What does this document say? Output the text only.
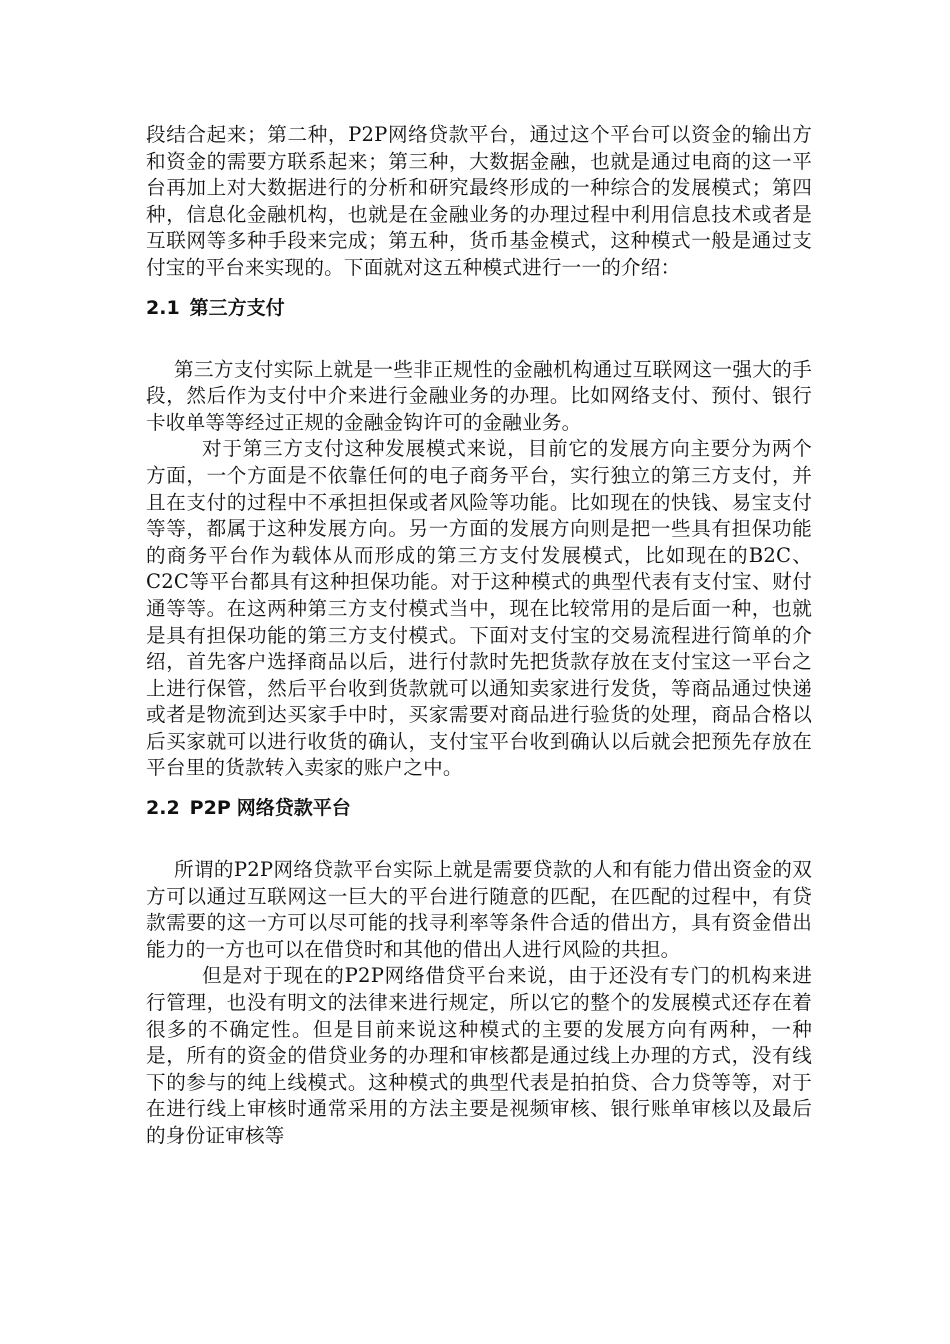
段结合起来；第二种，P2P网络贷款平台，通过这个平台可以资金的输出方和资金的需要方联系起来；第三种，大数据金融，也就是通过电商的这一平台再加上对大数据进行的分析和研究最终形成的一种综合的发展模式；第四种，信息化金融机构，也就是在金融业务的办理过程中利用信息技术或者是互联网等多种手段来完成；第五种，货币基金模式，这种模式一般是通过支付宝的平台来实现的。下面就对这五种模式进行一一的介绍：

2.1 第三方支付

第三方支付实际上就是一些非正规性的金融机构通过互联网这一强大的手段，然后作为支付中介来进行金融业务的办理。比如网络支付、预付、银行卡收单等等经过正规的金融金钩许可的金融业务。

对于第三方支付这种发展模式来说，目前它的发展方向主要分为两个方面，一个方面是不依靠任何的电子商务平台，实行独立的第三方支付，并且在支付的过程中不承担担保或者风险等功能。比如现在的快钱、易宝支付等等，都属于这种发展方向。另一方面的发展方向则是把一些具有担保功能的商务平台作为载体从而形成的第三方支付发展模式，比如现在的B2C、C2C等平台都具有这种担保功能。对于这种模式的典型代表有支付宝、财付通等等。在这两种第三方支付模式当中，现在比较常用的是后面一种，也就是具有担保功能的第三方支付模式。下面对支付宝的交易流程进行简单的介绍，首先客户选择商品以后，进行付款时先把货款存放在支付宝这一平台之上进行保管，然后平台收到货款就可以通知卖家进行发货，等商品通过快递或者是物流到达买家手中时，买家需要对商品进行验货的处理，商品合格以后买家就可以进行收货的确认，支付宝平台收到确认以后就会把预先存放在平台里的货款转入卖家的账户之中。

2.2 P2P 网络贷款平台

所谓的P2P网络贷款平台实际上就是需要贷款的人和有能力借出资金的双方可以通过互联网这一巨大的平台进行随意的匹配，在匹配的过程中，有贷款需要的这一方可以尽可能的找寻利率等条件合适的借出方，具有资金借出能力的一方也可以在借贷时和其他的借出人进行风险的共担。

但是对于现在的P2P网络借贷平台来说，由于还没有专门的机构来进行管理，也没有明文的法律来进行规定，所以它的整个的发展模式还存在着很多的不确定性。但是目前来说这种模式的主要的发展方向有两种，一种是，所有的资金的借贷业务的办理和审核都是通过线上办理的方式，没有线下的参与的纯上线模式。这种模式的典型代表是拍拍贷、合力贷等等，对于在进行线上审核时通常采用的方法主要是视频审核、银行账单审核以及最后的身份证审核等
